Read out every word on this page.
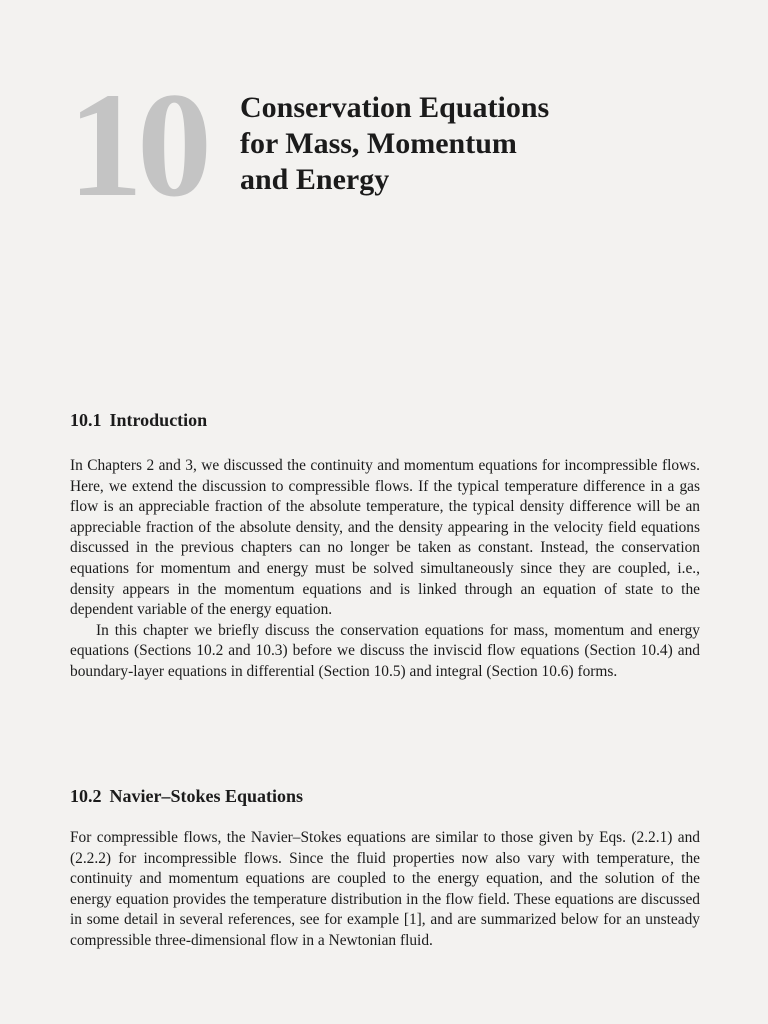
10 Conservation Equations
for Mass, Momentum
and Energy
10.1 Introduction

In Chapters 2 and 3, we discussed the continuity and momentum equations for incompressible flows. Here, we extend the discussion to compressible flows. If the typical temperature difference in a gas flow is an appreciable fraction of the absolute temperature, the typical density difference will be an appreciable fraction of the absolute density, and the density appearing in the velocity field equations discussed in the previous chapters can no longer be taken as constant. Instead, the conservation equations for momentum and energy must be solved simultaneously since they are coupled, i.e., density appears in the momentum equations and is linked through an equation of state to the dependent variable of the energy equation.

In this chapter we briefly discuss the conservation equations for mass, momentum and energy equations (Sections 10.2 and 10.3) before we discuss the inviscid flow equations (Section 10.4) and boundary-layer equations in differential (Section 10.5) and integral (Section 10.6) forms.

10.2 Navier–Stokes Equations

For compressible flows, the Navier–Stokes equations are similar to those given by Eqs. (2.2.1) and (2.2.2) for incompressible flows. Since the fluid properties now also vary with temperature, the continuity and momentum equations are coupled to the energy equation, and the solution of the energy equation provides the temperature distribution in the flow field. These equations are discussed in some detail in several references, see for example [1], and are summarized below for an unsteady compressible three-dimensional flow in a Newtonian fluid.
